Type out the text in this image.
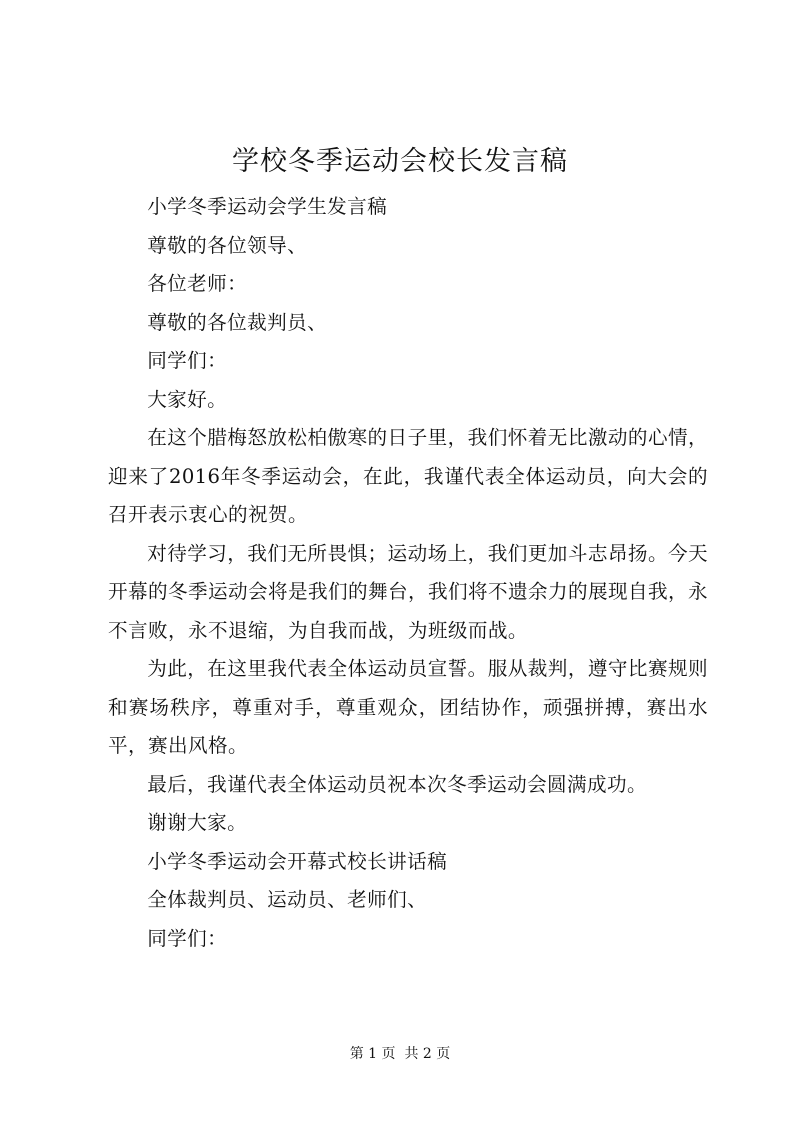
学校冬季运动会校长发言稿

小学冬季运动会学生发言稿

尊敬的各位领导、

各位老师：

尊敬的各位裁判员、

同学们：

大家好。

在这个腊梅怒放松柏傲寒的日子里，我们怀着无比激动的心情，迎来了2016年冬季运动会，在此，我谨代表全体运动员，向大会的召开表示衷心的祝贺。

对待学习，我们无所畏惧；运动场上，我们更加斗志昂扬。今天开幕的冬季运动会将是我们的舞台，我们将不遗余力的展现自我，永不言败，永不退缩，为自我而战，为班级而战。

为此，在这里我代表全体运动员宣誓。服从裁判，遵守比赛规则和赛场秩序，尊重对手，尊重观众，团结协作，顽强拼搏，赛出水平，赛出风格。

最后，我谨代表全体运动员祝本次冬季运动会圆满成功。

谢谢大家。

小学冬季运动会开幕式校长讲话稿

全体裁判员、运动员、老师们、

同学们：

第 1 页  共 2 页
